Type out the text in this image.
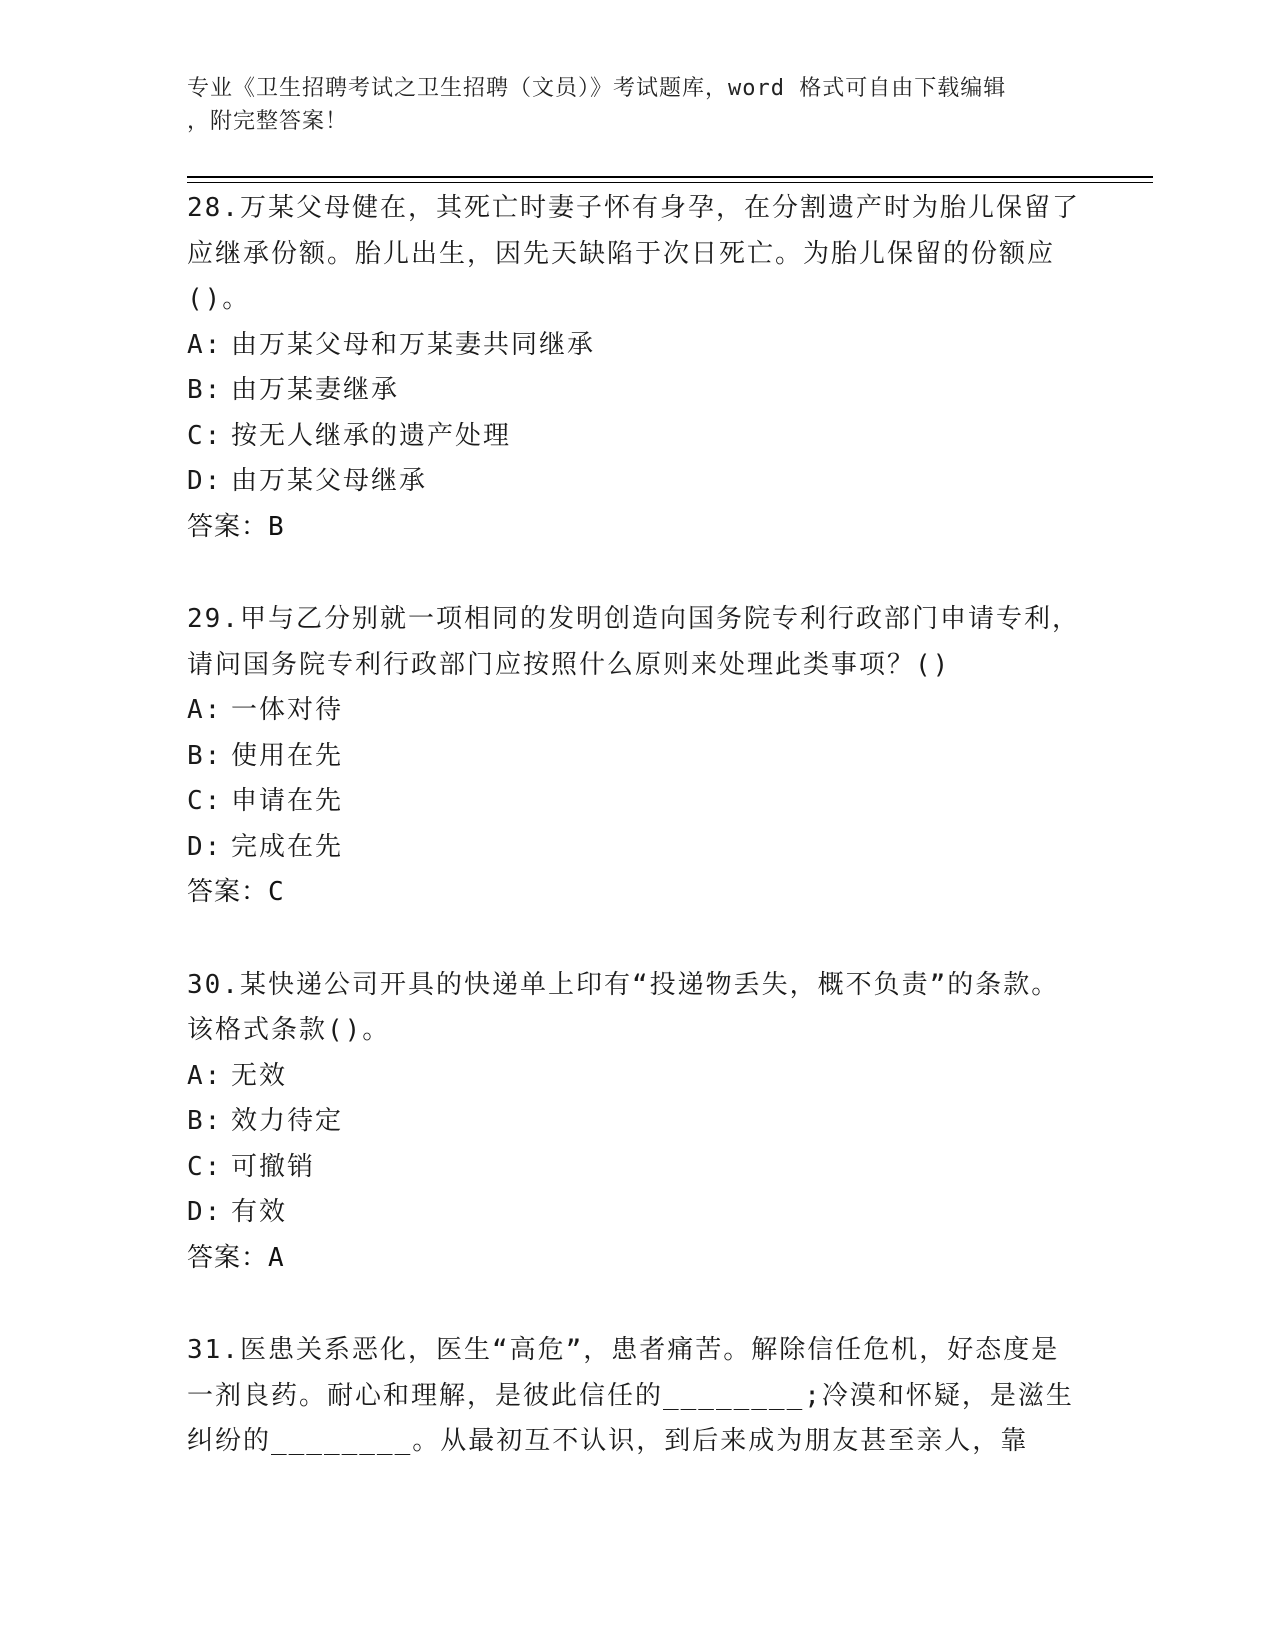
专业《卫生招聘考试之卫生招聘（文员）》考试题库，word 格式可自由下载编辑
，附完整答案！

28.万某父母健在，其死亡时妻子怀有身孕，在分割遗产时为胎儿保留了应继承份额。胎儿出生，因先天缺陷于次日死亡。为胎儿保留的份额应()。

A: 由万某父母和万某妻共同继承

B: 由万某妻继承

C: 按无人继承的遗产处理

D: 由万某父母继承

答案：B

29.甲与乙分别就一项相同的发明创造向国务院专利行政部门申请专利，请问国务院专利行政部门应按照什么原则来处理此类事项？()

A: 一体对待

B: 使用在先

C: 申请在先

D: 完成在先

答案：C

30.某快递公司开具的快递单上印有“投递物丢失，概不负责”的条款。该格式条款()。

A: 无效

B: 效力待定

C: 可撤销

D: 有效

答案：A

31.医患关系恶化，医生“高危”，患者痛苦。解除信任危机，好态度是一剂良药。耐心和理解，是彼此信任的________;冷漠和怀疑，是滋生纠纷的________。从最初互不认识，到后来成为朋友甚至亲人，靠
